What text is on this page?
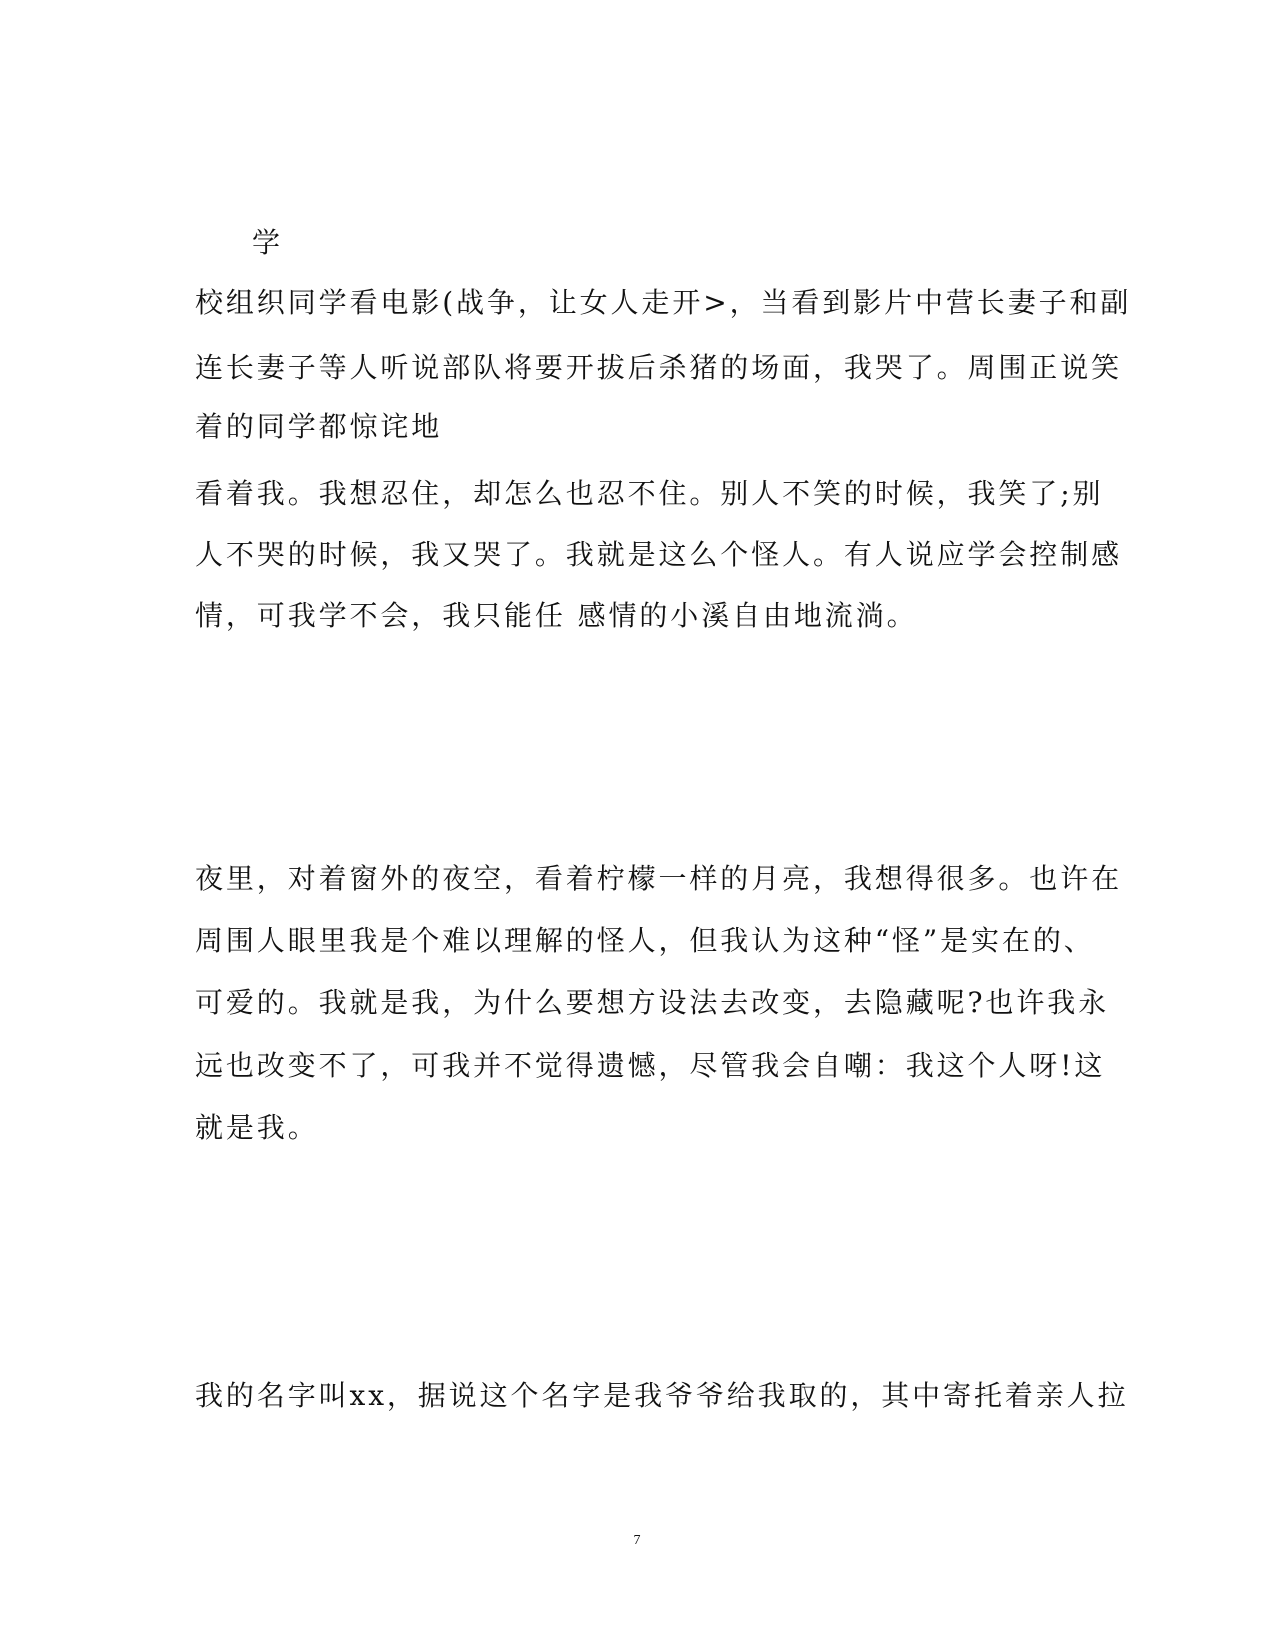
学
校组织同学看电影(战争，让女人走开>，当看到影片中营长妻子和副
连长妻子等人听说部队将要开拔后杀猪的场面，我哭了。周围正说笑
着的同学都惊诧地
看着我。我想忍住，却怎么也忍不住。别人不笑的时候，我笑了;别
人不哭的时候，我又哭了。我就是这么个怪人。有人说应学会控制感
情，可我学不会，我只能任 感情的小溪自由地流淌。
夜里，对着窗外的夜空，看着柠檬一样的月亮，我想得很多。也许在
周围人眼里我是个难以理解的怪人，但我认为这种“怪”是实在的、
可爱的。我就是我，为什么要想方设法去改变，去隐藏呢?也许我永
远也改变不了，可我并不觉得遗憾，尽管我会自嘲：我这个人呀!这
就是我。
我的名字叫xx，据说这个名字是我爷爷给我取的，其中寄托着亲人拉
7
